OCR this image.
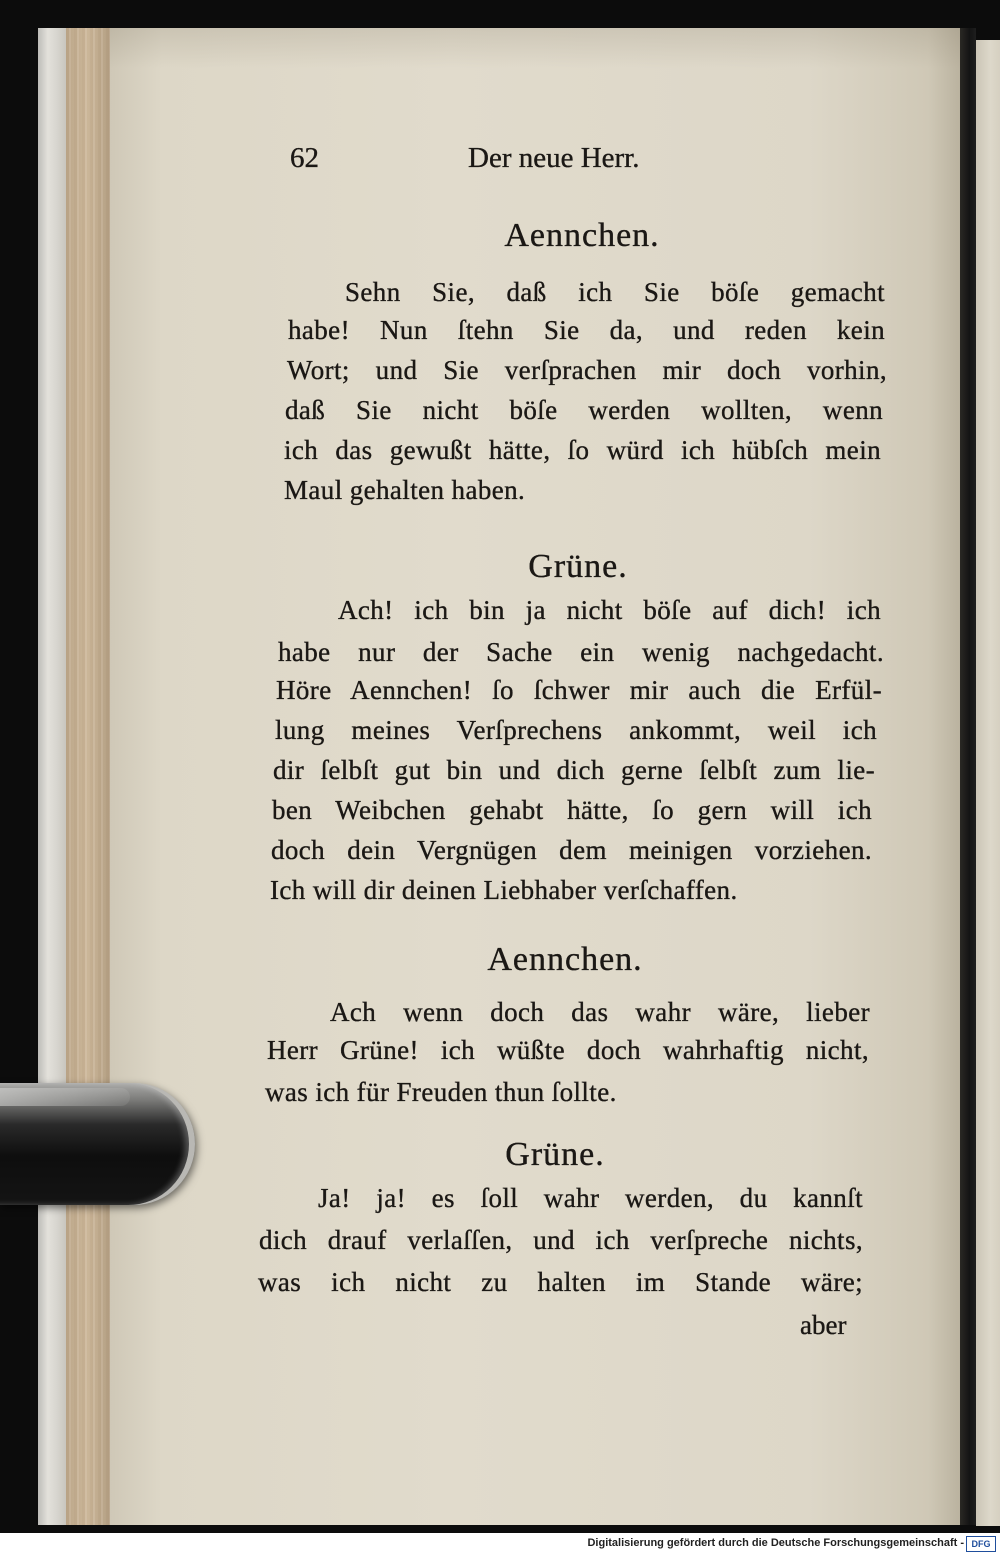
62	Der neue Herr.
Aennchen.
Sehn Sie, daß ich Sie böſe gemacht
habe! Nun ſtehn Sie da, und reden kein
Wort; und Sie verſprachen mir doch vorhin,
daß Sie nicht böſe werden wollten, wenn
ich das gewußt hätte, ſo würd ich hübſch mein
Maul gehalten haben.
Grüne.
Ach! ich bin ja nicht böſe auf dich! ich
habe nur der Sache ein wenig nachgedacht.
Höre Aennchen! ſo ſchwer mir auch die Erfül-
lung meines Verſprechens ankommt, weil ich
dir ſelbſt gut bin und dich gerne ſelbſt zum lie-
ben Weibchen gehabt hätte, ſo gern will ich
doch dein Vergnügen dem meinigen vorziehen.
Ich will dir deinen Liebhaber verſchaffen.
Aennchen.
Ach wenn doch das wahr wäre, lieber
Herr Grüne! ich wüßte doch wahrhaftig nicht,
was ich für Freuden thun ſollte.
Grüne.
Ja! ja! es ſoll wahr werden, du kannſt
dich drauf verlaſſen, und ich verſpreche nichts,
was ich nicht zu halten im Stande wäre;
aber
Digitalisierung gefördert durch die Deutsche Forschungsgemeinschaft - DFG
